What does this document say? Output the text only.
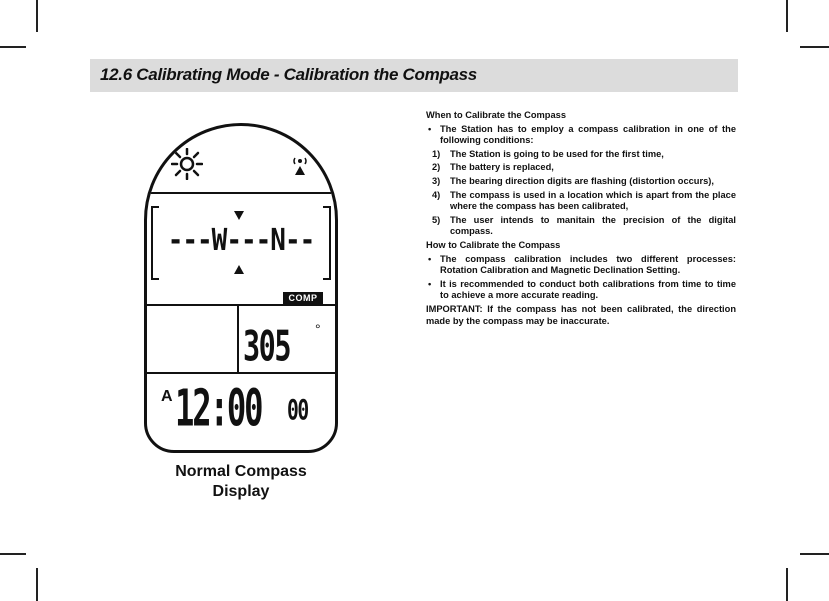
12.6 Calibrating Mode - Calibration the Compass
---W---N--
COMP
305 °
A 12:00 00
Normal Compass
Display

When to Calibrate the Compass

• The Station has to employ a compass calibration in one of the following conditions:

1) The Station is going to be used for the first time,

2) The battery is replaced,

3) The bearing direction digits are flashing (distortion occurs),

4) The compass is used in a location which is apart from the place where the compass has been calibrated,

5) The user intends to manitain the precision of the digital compass.

How to Calibrate the Compass

• The compass calibration includes two different processes: Rotation Calibration and Magnetic Declination Setting.

• It is recommended to conduct both calibrations from time to time to achieve a more accurate reading.

IMPORTANT: If the compass has not been calibrated, the direction made by the compass may be inaccurate.
